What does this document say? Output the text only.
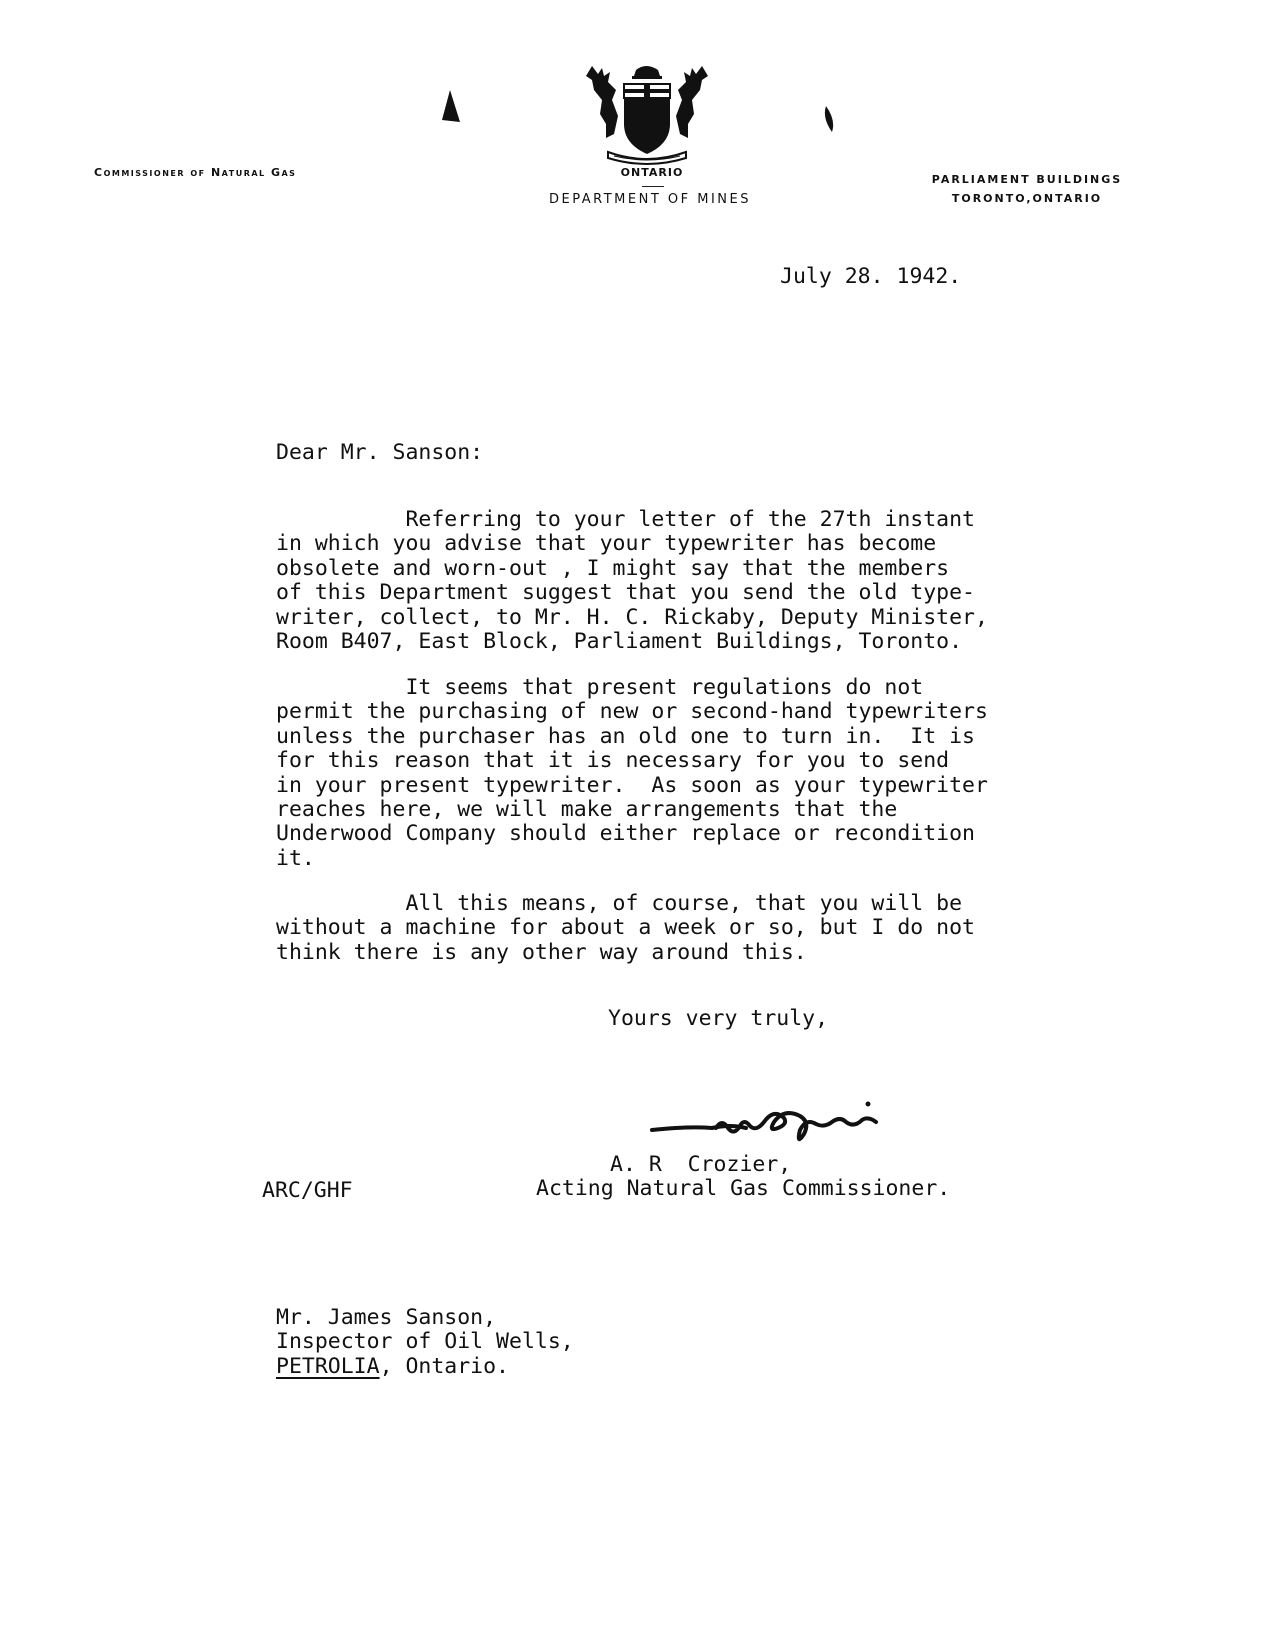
Commissioner of Natural Gas	ONTARIO
DEPARTMENT OF MINES
PARLIAMENT BUILDINGS
TORONTO,ONTARIO
July 28. 1942.
Dear Mr. Sanson:
Referring to your letter of the 27th instant
in which you advise that your typewriter has become
obsolete and worn-out , I might say that the members
of this Department suggest that you send the old type-
writer, collect, to Mr. H. C. Rickaby, Deputy Minister,
Room B407, East Block, Parliament Buildings, Toronto.
It seems that present regulations do not
permit the purchasing of new or second-hand typewriters
unless the purchaser has an old one to turn in.  It is
for this reason that it is necessary for you to send
in your present typewriter.  As soon as your typewriter
reaches here, we will make arrangements that the
Underwood Company should either replace or recondition
it.
All this means, of course, that you will be
without a machine for about a week or so, but I do not
think there is any other way around this.
Yours very truly,
A. R  Crozier,
Acting Natural Gas Commissioner.
ARC/GHF
Mr. James Sanson,
Inspector of Oil Wells,
PETROLIA, Ontario.
